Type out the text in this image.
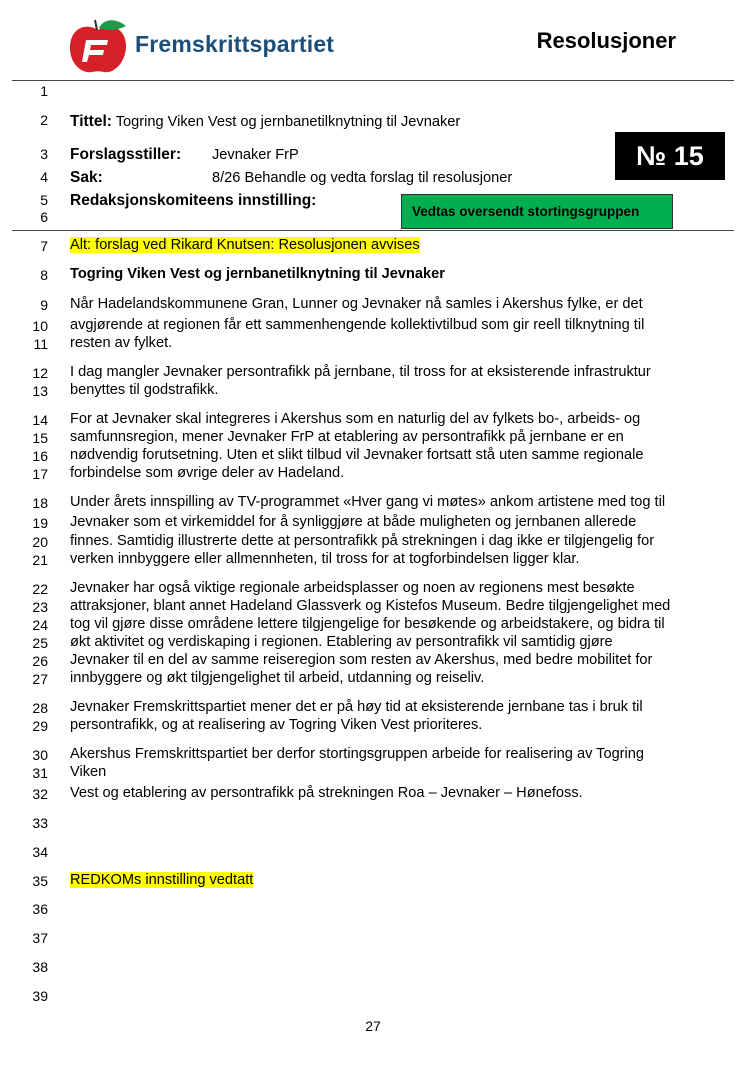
Fremskrittspartiet	Resolusjoner
1
2
3
4
5
6
7 Alt: forslag ved Rikard Knutsen: Resolusjonen avvises
8 Togring Viken Vest og jernbanetilknytning til Jevnaker
9 Når Hadelandskommunene Gran, Lunner og Jevnaker nå samles i Akershus fylke, er det
10 avgjørende at regionen får ett sammenhengende kollektivtilbud som gir reell tilknytning til
11 resten av fylket.
12 I dag mangler Jevnaker persontrafikk på jernbane, til tross for at eksisterende infrastruktur
13 benyttes til godstrafikk.
14 For at Jevnaker skal integreres i Akershus som en naturlig del av fylkets bo-, arbeids- og
15 samfunnsregion, mener Jevnaker FrP at etablering av persontrafikk på jernbane er en
16 nødvendig forutsetning. Uten et slikt tilbud vil Jevnaker fortsatt stå uten samme regionale
17 forbindelse som øvrige deler av Hadeland.
18 Under årets innspilling av TV-programmet «Hver gang vi møtes» ankom artistene med tog til
19 Jevnaker som et virkemiddel for å synliggjøre at både muligheten og jernbanen allerede
20 finnes. Samtidig illustrerte dette at persontrafikk på strekningen i dag ikke er tilgjengelig for
21 verken innbyggere eller allmennheten, til tross for at togforbindelsen ligger klar.
22 Jevnaker har også viktige regionale arbeidsplasser og noen av regionens mest besøkte
23 attraksjoner, blant annet Hadeland Glassverk og Kistefos Museum. Bedre tilgjengelighet med
24 tog vil gjøre disse områdene lettere tilgjengelige for besøkende og arbeidstakere, og bidra til
25 økt aktivitet og verdiskaping i regionen. Etablering av persontrafikk vil samtidig gjøre
26 Jevnaker til en del av samme reiseregion som resten av Akershus, med bedre mobilitet for
27 innbyggere og økt tilgjengelighet til arbeid, utdanning og reiseliv.
28 Jevnaker Fremskrittspartiet mener det er på høy tid at eksisterende jernbane tas i bruk til
29 persontrafikk, og at realisering av Togring Viken Vest prioriteres.
30 Akershus Fremskrittspartiet ber derfor stortingsgruppen arbeide for realisering av Togring
31 Viken
32 Vest og etablering av persontrafikk på strekningen Roa – Jevnaker – Hønefoss.
33
34
35 REDKOMs innstilling vedtatt
36
37
38
39
Tittel: Togring Viken Vest og jernbanetilknytning til Jevnaker
Forslagsstiller: Jevnaker FrP
Sak:	8/26 Behandle og vedta forslag til resolusjoner
Redaksjonskomiteens innstilling:
№ 15
Vedtas oversendt stortingsgruppen
27
